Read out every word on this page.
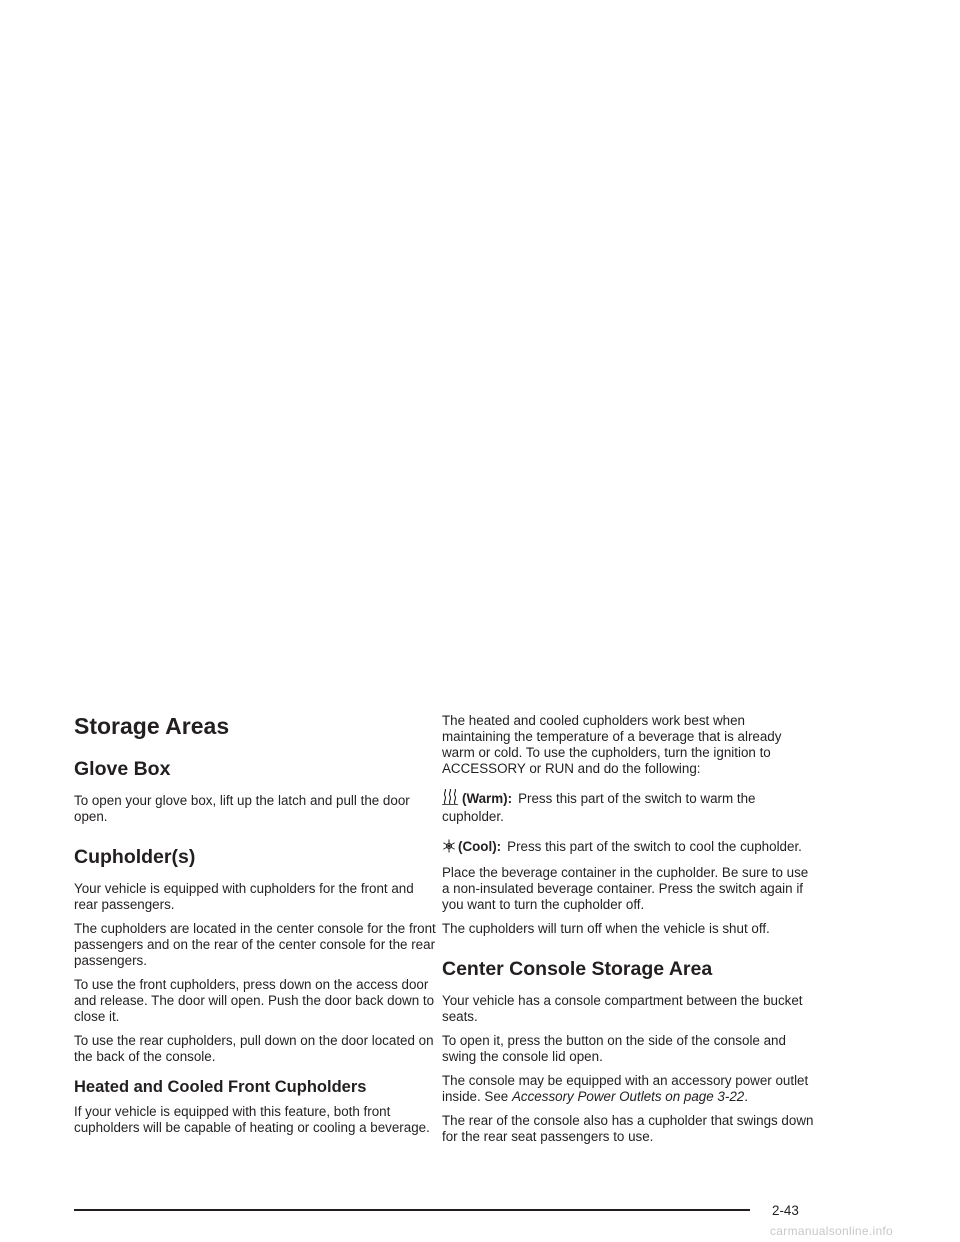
Storage Areas
Glove Box

To open your glove box, lift up the latch and pull the door open.

Cupholder(s)

Your vehicle is equipped with cupholders for the front and rear passengers.

The cupholders are located in the center console for the front passengers and on the rear of the center console for the rear passengers.

To use the front cupholders, press down on the access door and release. The door will open. Push the door back down to close it.

To use the rear cupholders, pull down on the door located on the back of the console.

Heated and Cooled Front Cupholders

If your vehicle is equipped with this feature, both front cupholders will be capable of heating or cooling a beverage.

The heated and cooled cupholders work best when maintaining the temperature of a beverage that is already warm or cold. To use the cupholders, turn the ignition to ACCESSORY or RUN and do the following:

(Warm): Press this part of the switch to warm the cupholder.

(Cool): Press this part of the switch to cool the cupholder.

Place the beverage container in the cupholder. Be sure to use a non-insulated beverage container. Press the switch again if you want to turn the cupholder off.

The cupholders will turn off when the vehicle is shut off.

Center Console Storage Area

Your vehicle has a console compartment between the bucket seats.

To open it, press the button on the side of the console and swing the console lid open.

The console may be equipped with an accessory power outlet inside. See Accessory Power Outlets on page 3-22.

The rear of the console also has a cupholder that swings down for the rear seat passengers to use.

2-43
carmanualsonline.info
